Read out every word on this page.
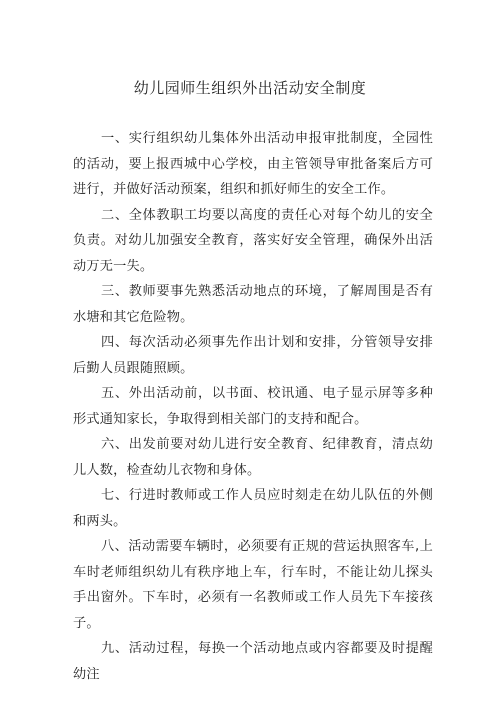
幼儿园师生组织外出活动安全制度

一、实行组织幼儿集体外出活动申报审批制度，全园性的活动，要上报西城中心学校，由主管领导审批备案后方可进行，并做好活动预案，组织和抓好师生的安全工作。

二、全体教职工均要以高度的责任心对每个幼儿的安全负责。对幼儿加强安全教育，落实好安全管理，确保外出活动万无一失。

三、教师要事先熟悉活动地点的环境，了解周围是否有水塘和其它危险物。

四、每次活动必须事先作出计划和安排，分管领导安排后勤人员跟随照顾。

五、外出活动前，以书面、校讯通、电子显示屏等多种形式通知家长，争取得到相关部门的支持和配合。

六、出发前要对幼儿进行安全教育、纪律教育，清点幼儿人数，检查幼儿衣物和身体。

七、行进时教师或工作人员应时刻走在幼儿队伍的外侧和两头。

八、活动需要车辆时，必须要有正规的营运执照客车,上车时老师组织幼儿有秩序地上车，行车时，不能让幼儿探头手出窗外。下车时，必须有一名教师或工作人员先下车接孩子。

九、活动过程，每换一个活动地点或内容都要及时提醒幼注
